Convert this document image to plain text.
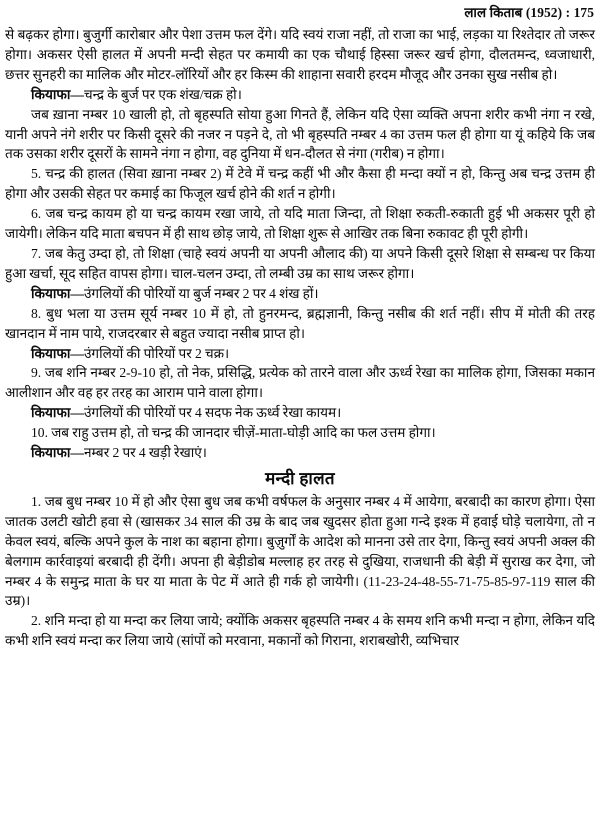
लाल किताब (1952) : 175

से बढ़कर होगा। बुजुर्गी कारोबार और पेशा उत्तम फल देंगे। यदि स्वयं राजा नहीं, तो राजा का भाई, लड़का या रिश्तेदार तो जरूर होगा। अकसर ऐसी हालत में अपनी मन्दी सेहत पर कमायी का एक चौथाई हिस्सा जरूर खर्च होगा, दौलतमन्द, ध्वजाधारी, छत्तर सुनहरी का मालिक और मोटर-लॉरियों और हर किस्म की शाहाना सवारी हरदम मौजूद और उनका सुख नसीब हो।

कियाफा—चन्द्र के बुर्ज पर एक शंख/चक्र हो।

जब ख़ाना नम्बर 10 खाली हो, तो बृहस्पति सोया हुआ गिनते हैं, लेकिन यदि ऐसा व्यक्ति अपना शरीर कभी नंगा न रखे, यानी अपने नंगे शरीर पर किसी दूसरे की नजर न पड़ने दे, तो भी बृहस्पति नम्बर 4 का उत्तम फल ही होगा या यूं कहिये कि जब तक उसका शरीर दूसरों के सामने नंगा न होगा, वह दुनिया में धन-दौलत से नंगा (गरीब) न होगा।

5. चन्द्र की हालत (सिवा ख़ाना नम्बर 2) में टेवे में चन्द्र कहीं भी और कैसा ही मन्दा क्यों न हो, किन्तु अब चन्द्र उत्तम ही होगा और उसकी सेहत पर कमाई का फिजूल खर्च होने की शर्त न होगी।

6. जब चन्द्र कायम हो या चन्द्र कायम रखा जाये, तो यदि माता जिन्दा, तो शिक्षा रुकती-रुकाती हुई भी अकसर पूरी हो जायेगी। लेकिन यदि माता बचपन में ही साथ छोड़ जाये, तो शिक्षा शुरू से आखिर तक बिना रुकावट ही पूरी होगी।

7. जब केतु उम्दा हो, तो शिक्षा (चाहे स्वयं अपनी या अपनी औलाद की) या अपने किसी दूसरे शिक्षा से सम्बन्ध पर किया हुआ खर्चा, सूद सहित वापस होगा। चाल-चलन उम्दा, तो लम्बी उम्र का साथ जरूर होगा।

कियाफा—उंगलियों की पोरियों या बुर्ज नम्बर 2 पर 4 शंख हों।

8. बुध भला या उत्तम सूर्य नम्बर 10 में हो, तो हुनरमन्द, ब्रह्मज्ञानी, किन्तु नसीब की शर्त नहीं। सीप में मोती की तरह खानदान में नाम पाये, राजदरबार से बहुत ज्यादा नसीब प्राप्त हो।

कियाफा—उंगलियों की पोरियों पर 2 चक्र।

9. जब शनि नम्बर 2-9-10 हो, तो नेक, प्रसिद्धि, प्रत्येक को तारने वाला और ऊर्ध्व रेखा का मालिक होगा, जिसका मकान आलीशान और वह हर तरह का आराम पाने वाला होगा।

कियाफा—उंगलियों की पोरियों पर 4 सदफ नेक ऊर्ध्व रेखा कायम।

10. जब राहु उत्तम हो, तो चन्द्र की जानदार चीज़ें-माता-घोड़ी आदि का फल उत्तम होगा।

कियाफा—नम्बर 2 पर 4 खड़ी रेखाएं।

मन्दी हालत

1. जब बुध नम्बर 10 में हो और ऐसा बुध जब कभी वर्षफल के अनुसार नम्बर 4 में आयेगा, बरबादी का कारण होगा। ऐसा जातक उलटी खोटी हवा से (खासकर 34 साल की उम्र के बाद जब खुदसर होता हुआ गन्दे इश्क में हवाई घोड़े चलायेगा, तो न केवल स्वयं, बल्कि अपने कुल के नाश का बहाना होगा। बुज़ुर्गों के आदेश को मानना उसे तार देगा, किन्तु स्वयं अपनी अक्ल की बेलगाम कार्रवाइयां बरबादी ही देंगी। अपना ही बेड़ीडोब मल्लाह हर तरह से दुखिया, राजधानी की बेड़ी में सुराख कर देगा, जो नम्बर 4 के समुन्द्र माता के घर या माता के पेट में आते ही गर्क हो जायेगी। (11-23-24-48-55-71-75-85-97-119 साल की उम्र)।

2. शनि मन्दा हो या मन्दा कर लिया जाये; क्योंकि अकसर बृहस्पति नम्बर 4 के समय शनि कभी मन्दा न होगा, लेकिन यदि कभी शनि स्वयं मन्दा कर लिया जाये (सांपों को मरवाना, मकानों को गिराना, शराबखोरी, व्यभिचार
